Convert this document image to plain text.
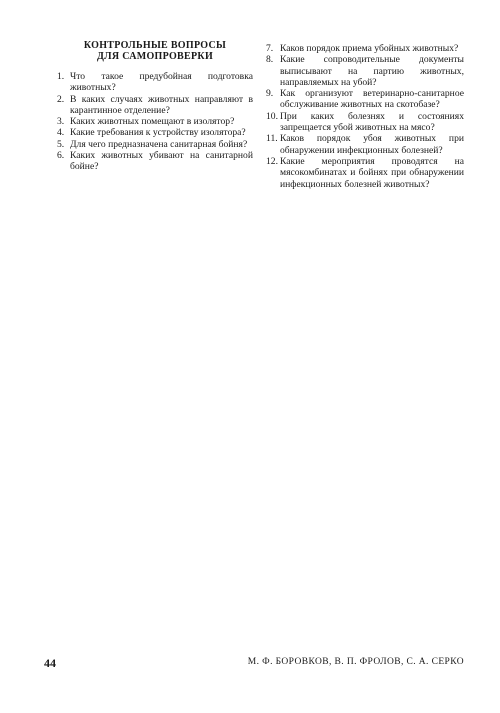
КОНТРОЛЬНЫЕ ВОПРОСЫ
ДЛЯ САМОПРОВЕРКИ
1. Что такое предубойная подготовка животных?
2. В каких случаях животных направляют в карантинное отделение?
3. Каких животных помещают в изолятор?
4. Какие требования к устройству изолятора?
5. Для чего предназначена санитарная бойня?
6. Каких животных убивают на санитарной бойне?
7. Каков порядок приема убойных животных?
8. Какие сопроводительные документы выписывают на партию животных, направляемых на убой?
9. Как организуют ветеринарно-санитарное обслуживание животных на скотобазе?
10. При каких болезнях и состояниях запрещается убой животных на мясо?
11. Каков порядок убоя животных при обнаружении инфекционных болезней?
12. Какие мероприятия проводятся на мясокомбинатах и бойнях при обнаружении инфекционных болезней животных?
44	М. Ф. БОРОВКОВ, В. П. ФРОЛОВ, С. А. СЕРКО
